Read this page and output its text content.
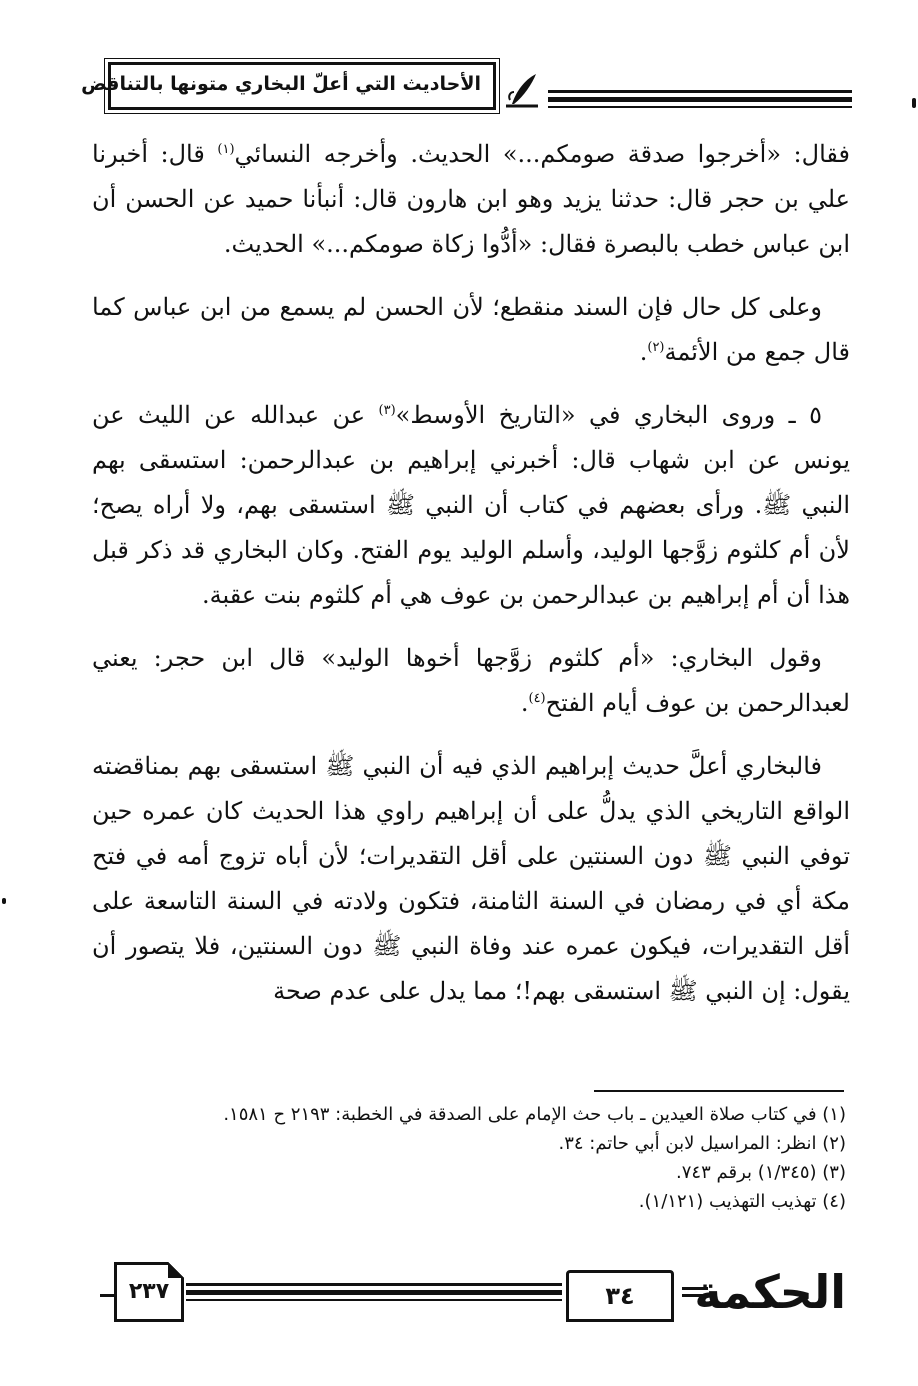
الأحاديث التي أعلّ البخاري متونها بالتناقض

فقال: «أخرجوا صدقة صومكم...» الحديث. وأخرجه النسائي$^{(١)}$ قال: أخبرنا علي بن حجر قال: حدثنا يزيد وهو ابن هارون قال: أنبأنا حميد عن الحسن أن ابن عباس خطب بالبصرة فقال: «أدُّوا زكاة صومكم...» الحديث.

وعلى كل حال فإن السند منقطع؛ لأن الحسن لم يسمع من ابن عباس كما قال جمع من الأئمة$^{(٢)}$.

٥ ـ وروى البخاري في «التاريخ الأوسط»$^{(٣)}$ عن عبدالله عن الليث عن يونس عن ابن شهاب قال: أخبرني إبراهيم بن عبدالرحمن: استسقى بهم النبي ﷺ. ورأى بعضهم في كتاب أن النبي ﷺ استسقى بهم، ولا أراه يصح؛ لأن أم كلثوم زوَّجها الوليد، وأسلم الوليد يوم الفتح. وكان البخاري قد ذكر قبل هذا أن أم إبراهيم بن عبدالرحمن بن عوف هي أم كلثوم بنت عقبة.

وقول البخاري: «أم كلثوم زوَّجها أخوها الوليد» قال ابن حجر: يعني لعبدالرحمن بن عوف أيام الفتح$^{(٤)}$.

فالبخاري أعلَّ حديث إبراهيم الذي فيه أن النبي ﷺ استسقى بهم بمناقضته الواقع التاريخي الذي يدلُّ على أن إبراهيم راوي هذا الحديث كان عمره حين توفي النبي ﷺ دون السنتين على أقل التقديرات؛ لأن أباه تزوج أمه في فتح مكة أي في رمضان في السنة الثامنة، فتكون ولادته في السنة التاسعة على أقل التقديرات، فيكون عمره عند وفاة النبي ﷺ دون السنتين، فلا يتصور أن يقول: إن النبي ﷺ استسقى بهم!؛ مما يدل على عدم صحة

(١) في كتاب صلاة العيدين ـ باب حث الإمام على الصدقة في الخطبة: ٢١٩٣ ح ١٥٨١.
(٢) انظر: المراسيل لابن أبي حاتم: ٣٤.
(٣) (١/٣٤٥) برقم ٧٤٣.
(٤) تهذيب التهذيب (١/١٢١).
٢٣٧	٣٤	الحكمة
